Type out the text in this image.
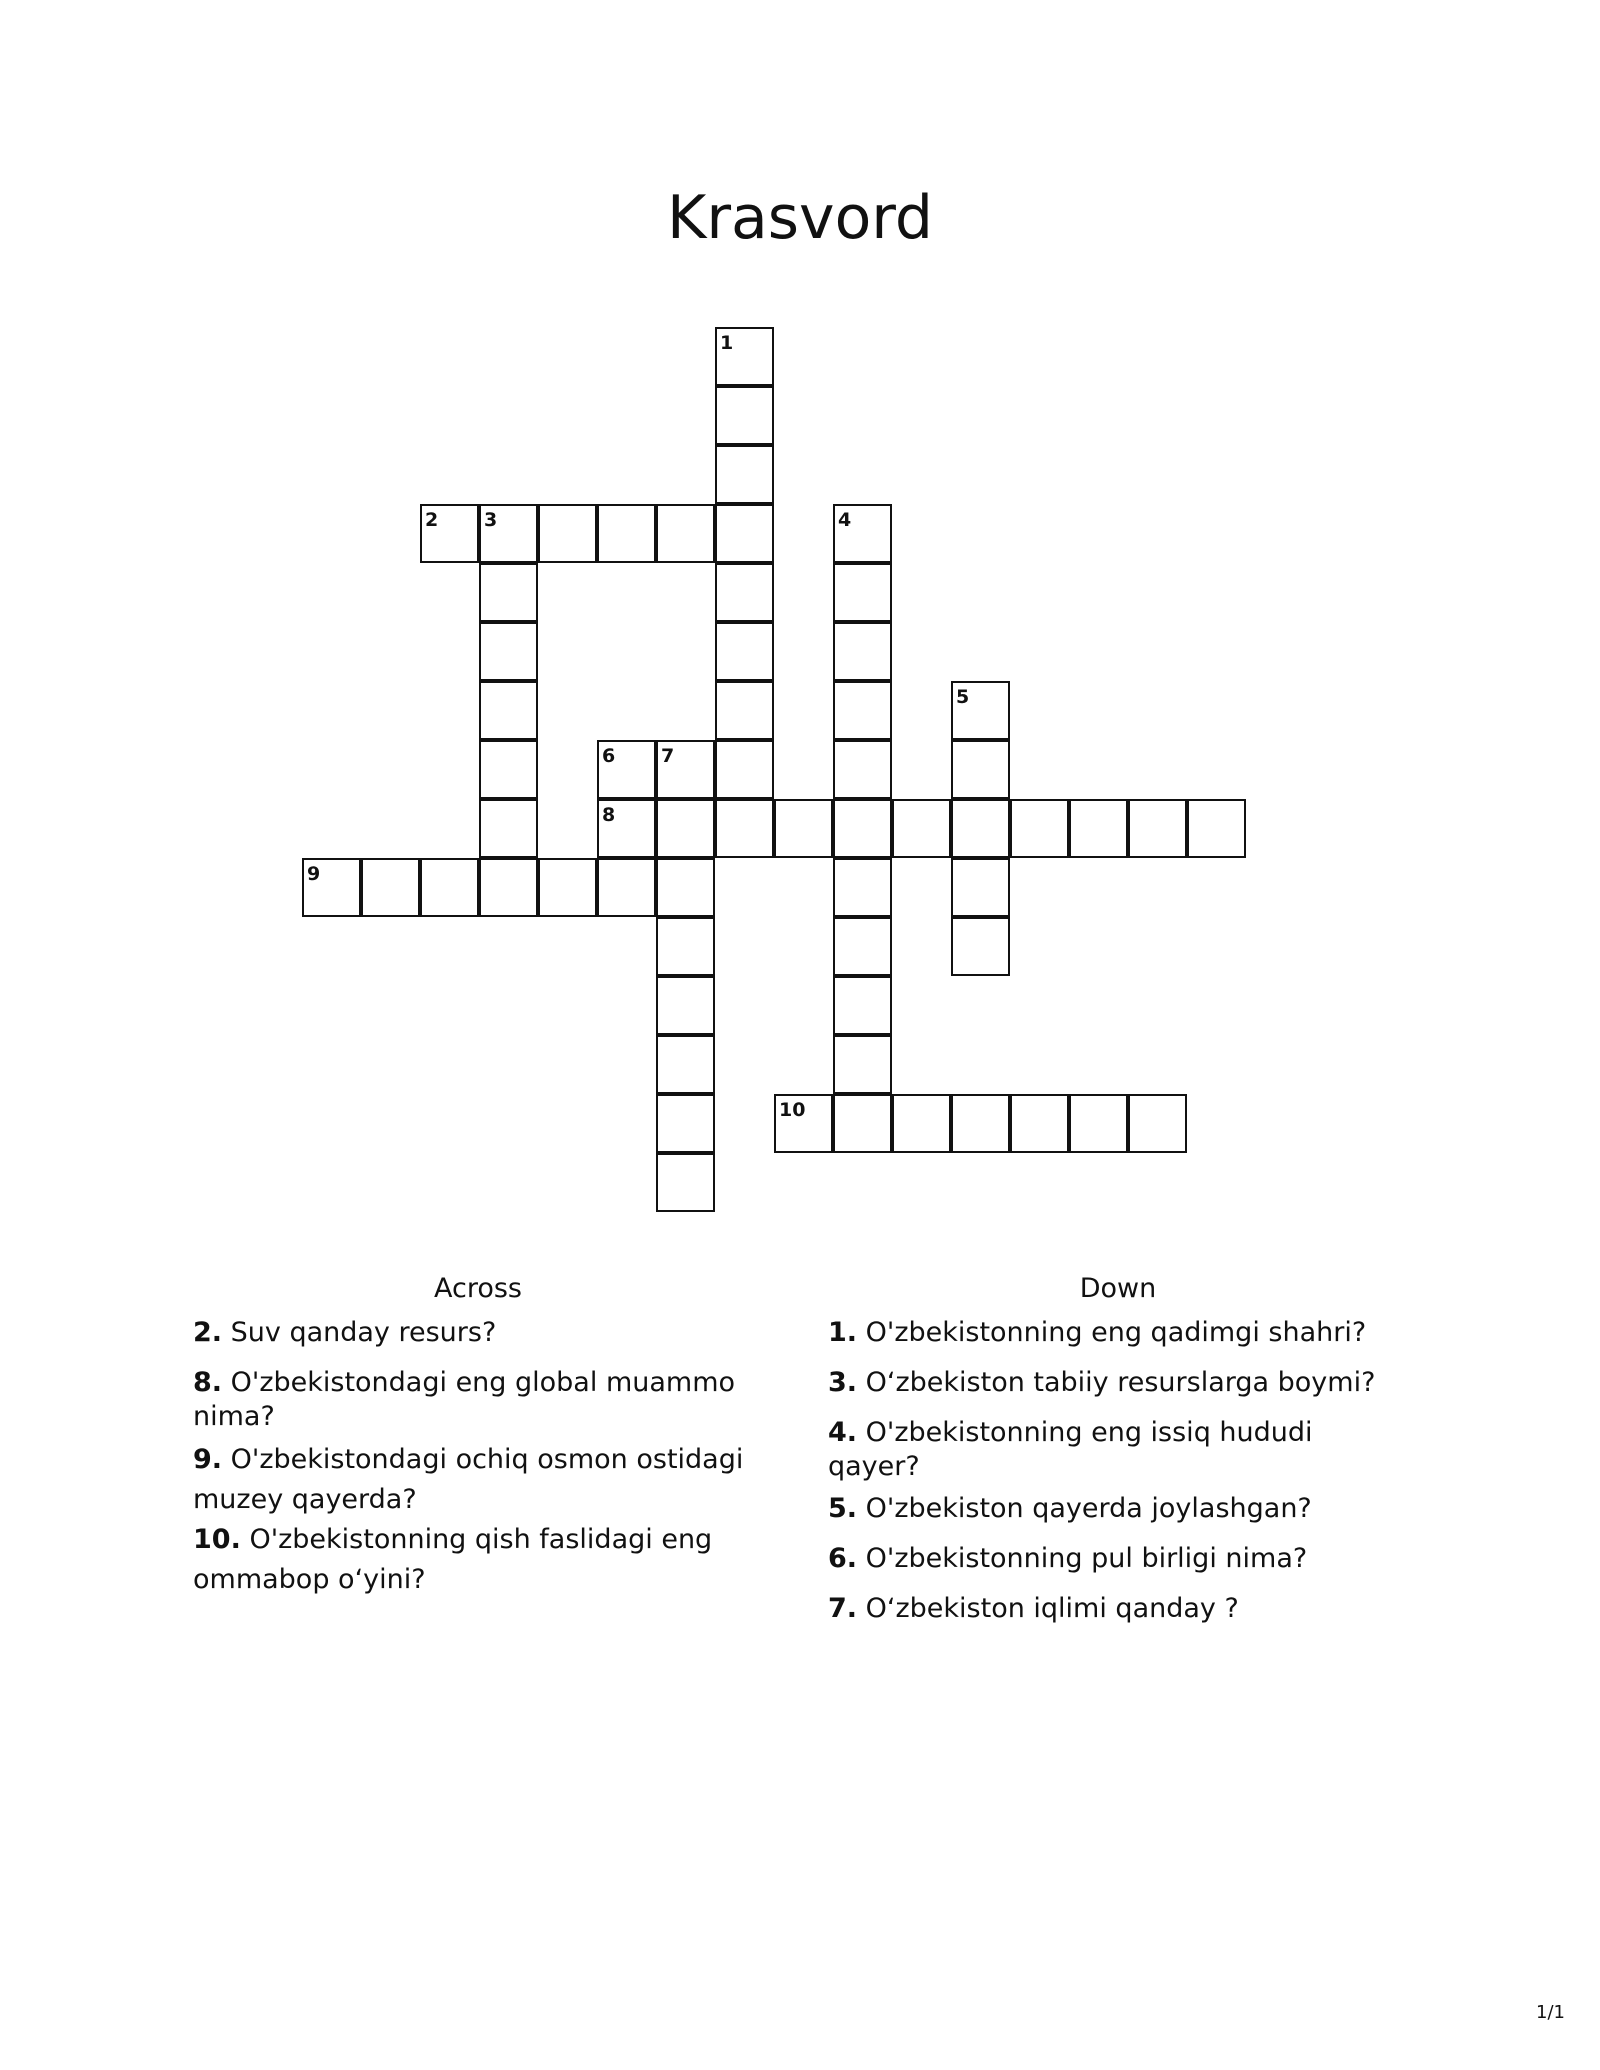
Krasvord
1
2 3	4
5
6
8
7
9
10
Across	Down

2. Suv qanday resurs?

8. O'zbekistondagi eng global muammo nima?

9. O'zbekistondagi ochiq osmon ostidagi muzey qayerda?

10. O'zbekistonning qish faslidagi eng ommabop oʻyini?

1. O'zbekistonning eng qadimgi shahri?

3. Oʻzbekiston tabiiy resurslarga boymi?

4. O'zbekistonning eng issiq hududi qayer?

5. O'zbekiston qayerda joylashgan?

6. O'zbekistonning pul birligi nima?

7. Oʻzbekiston iqlimi qanday ?

1/1
